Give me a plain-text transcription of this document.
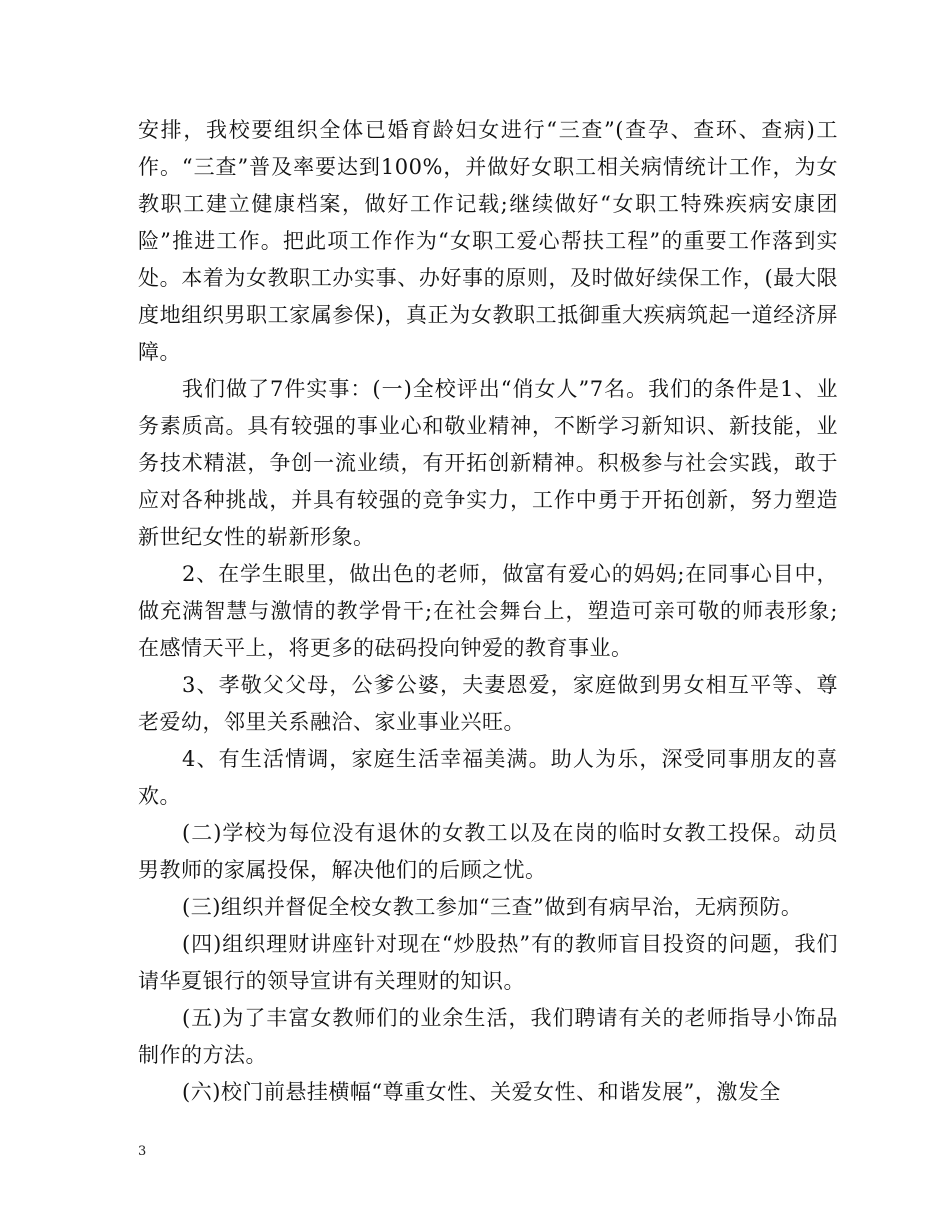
安排，我校要组织全体已婚育龄妇女进行“三查”(查孕、查环、查病)工作。“三查”普及率要达到100%，并做好女职工相关病情统计工作，为女教职工建立健康档案，做好工作记载;继续做好“女职工特殊疾病安康团险”推进工作。把此项工作作为“女职工爱心帮扶工程”的重要工作落到实处。本着为女教职工办实事、办好事的原则，及时做好续保工作，(最大限度地组织男职工家属参保)，真正为女教职工抵御重大疾病筑起一道经济屏障。

我们做了7件实事：(一)全校评出“俏女人”7名。我们的条件是1、业务素质高。具有较强的事业心和敬业精神，不断学习新知识、新技能，业务技术精湛，争创一流业绩，有开拓创新精神。积极参与社会实践，敢于应对各种挑战，并具有较强的竞争实力，工作中勇于开拓创新，努力塑造新世纪女性的崭新形象。

2、在学生眼里，做出色的老师，做富有爱心的妈妈;在同事心目中，做充满智慧与激情的教学骨干;在社会舞台上，塑造可亲可敬的师表形象;在感情天平上，将更多的砝码投向钟爱的教育事业。

3、孝敬父父母，公爹公婆，夫妻恩爱，家庭做到男女相互平等、尊老爱幼，邻里关系融洽、家业事业兴旺。

4、有生活情调，家庭生活幸福美满。助人为乐，深受同事朋友的喜欢。

(二)学校为每位没有退休的女教工以及在岗的临时女教工投保。动员男教师的家属投保，解决他们的后顾之忧。

(三)组织并督促全校女教工参加“三查”做到有病早治，无病预防。

(四)组织理财讲座针对现在“炒股热”有的教师盲目投资的问题，我们请华夏银行的领导宣讲有关理财的知识。

(五)为了丰富女教师们的业余生活，我们聘请有关的老师指导小饰品制作的方法。

(六)校门前悬挂横幅“尊重女性、关爱女性、和谐发展”，激发全

3
